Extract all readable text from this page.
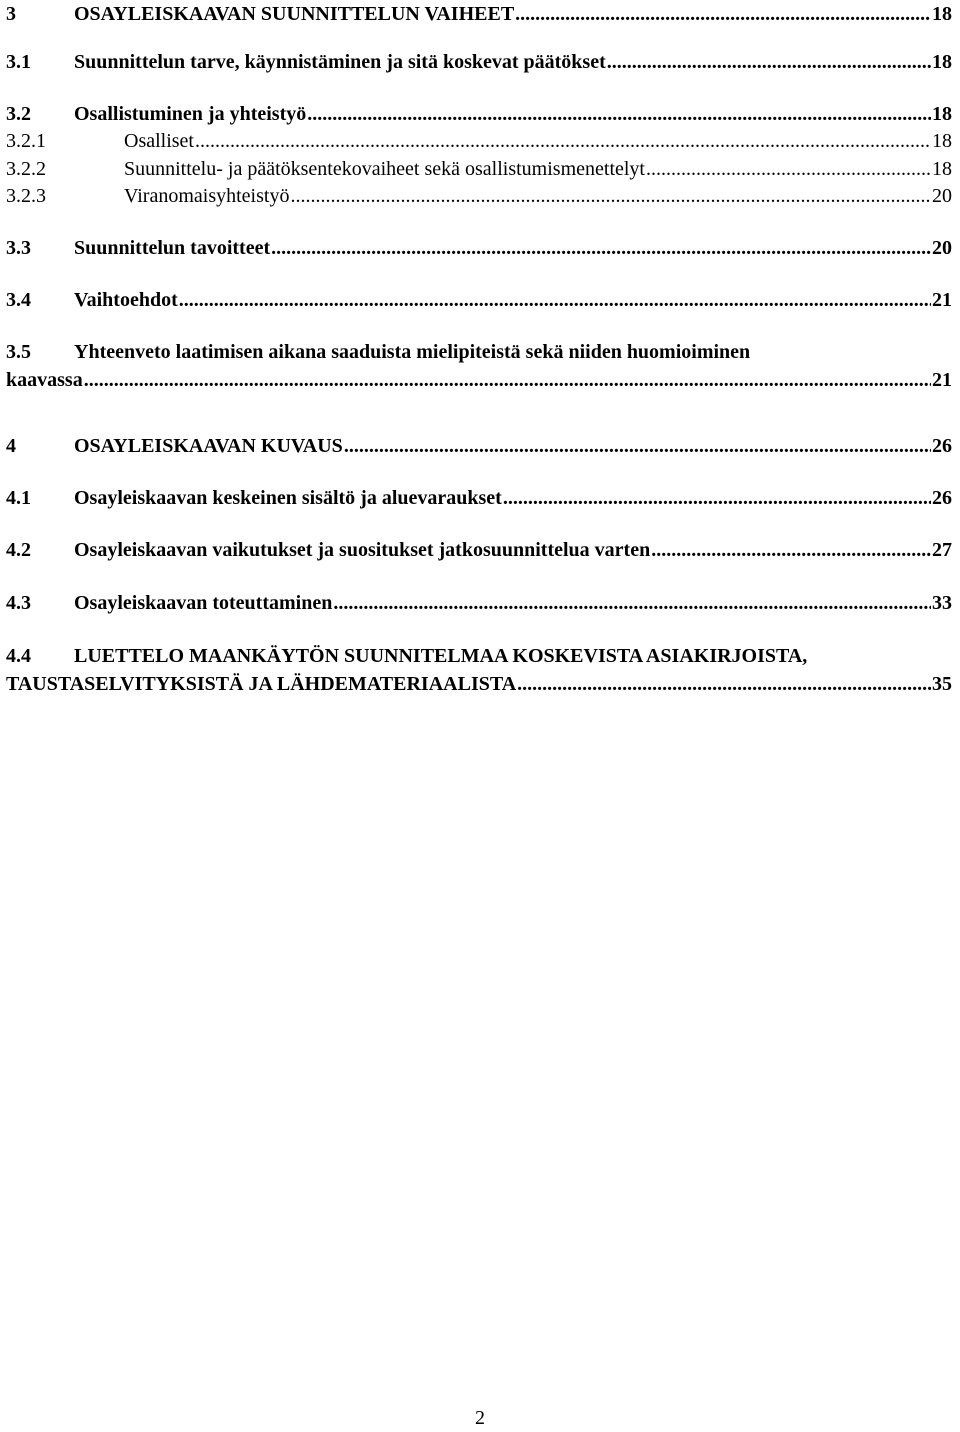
3	OSAYLEISKAAVAN SUUNNITTELUN VAIHEET .....	18
3.1	Suunnittelun tarve, käynnistäminen ja sitä koskevat päätökset .....	18
3.2	Osallistuminen ja yhteistyö .....	18
3.2.1	Osalliset .....	18
3.2.2	Suunnittelu- ja päätöksentekovaiheet sekä osallistumismenettelyt .....	18
3.2.3	Viranomaisyhteistyö .....	20
3.3	Suunnittelun tavoitteet .....	20
3.4	Vaihtoehdot .....	21
3.5 Yhteenveto laatimisen aikana saaduista mielipiteistä sekä niiden huomioiminen
kaavassa .....	21
4	OSAYLEISKAAVAN KUVAUS .....	26
4.1	Osayleiskaavan keskeinen sisältö ja aluevaraukset .....	26
4.2	Osayleiskaavan vaikutukset ja suositukset jatkosuunnittelua varten .....	27
4.3	Osayleiskaavan toteuttaminen .....	33
4.4 LUETTELO MAANKÄYTÖN SUUNNITELMAA KOSKEVISTA ASIAKIRJOISTA,
TAUSTASELVITYKSISTÄ JA LÄHDEMATERIAALISTA .....	35
2
